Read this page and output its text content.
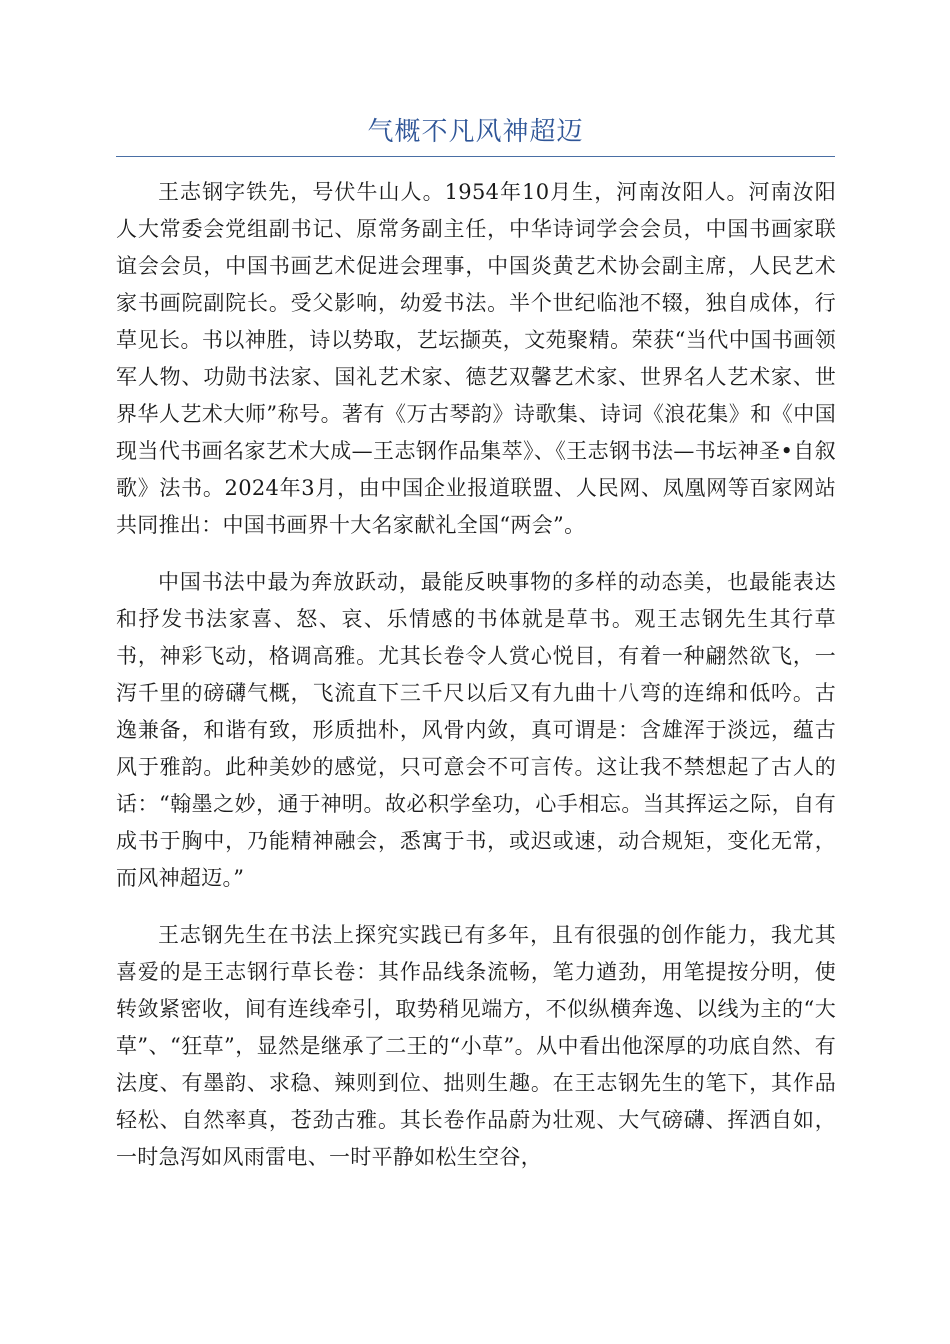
气概不凡风神超迈

王志钢字铁先，号伏牛山人。1954年10月生，河南汝阳人。河南汝阳人大常委会党组副书记、原常务副主任，中华诗词学会会员，中国书画家联谊会会员，中国书画艺术促进会理事，中国炎黄艺术协会副主席，人民艺术家书画院副院长。受父影响，幼爱书法。半个世纪临池不辍，独自成体，行草见长。书以神胜，诗以势取，艺坛撷英，文苑聚精。荣获“当代中国书画领军人物、功勋书法家、国礼艺术家、德艺双馨艺术家、世界名人艺术家、世界华人艺术大师”称号。著有《万古琴韵》诗歌集、诗词《浪花集》和《中国现当代书画名家艺术大成—王志钢作品集萃》、《王志钢书法—书坛神圣•自叙歌》法书。2024年3月，由中国企业报道联盟、人民网、凤凰网等百家网站共同推出：中国书画界十大名家献礼全国“两会”。

中国书法中最为奔放跃动，最能反映事物的多样的动态美，也最能表达和抒发书法家喜、怒、哀、乐情感的书体就是草书。观王志钢先生其行草书，神彩飞动，格调高雅。尤其长卷令人赏心悦目，有着一种翩然欲飞，一泻千里的磅礴气概，飞流直下三千尺以后又有九曲十八弯的连绵和低吟。古逸兼备，和谐有致，形质拙朴，风骨内敛，真可谓是：含雄浑于淡远，蕴古风于雅韵。此种美妙的感觉，只可意会不可言传。这让我不禁想起了古人的话：“翰墨之妙，通于神明。故必积学垒功，心手相忘。当其挥运之际，自有成书于胸中，乃能精神融会，悉寓于书，或迟或速，动合规矩，变化无常，而风神超迈。”

王志钢先生在书法上探究实践已有多年，且有很强的创作能力，我尤其喜爱的是王志钢行草长卷：其作品线条流畅，笔力遒劲，用笔提按分明，使转敛紧密收，间有连线牵引，取势稍见端方，不似纵横奔逸、以线为主的“大草”、“狂草”，显然是继承了二王的“小草”。从中看出他深厚的功底自然、有法度、有墨韵、求稳、辣则到位、拙则生趣。在王志钢先生的笔下，其作品轻松、自然率真，苍劲古雅。其长卷作品蔚为壮观、大气磅礴、挥洒自如，一时急泻如风雨雷电、一时平静如松生空谷，
